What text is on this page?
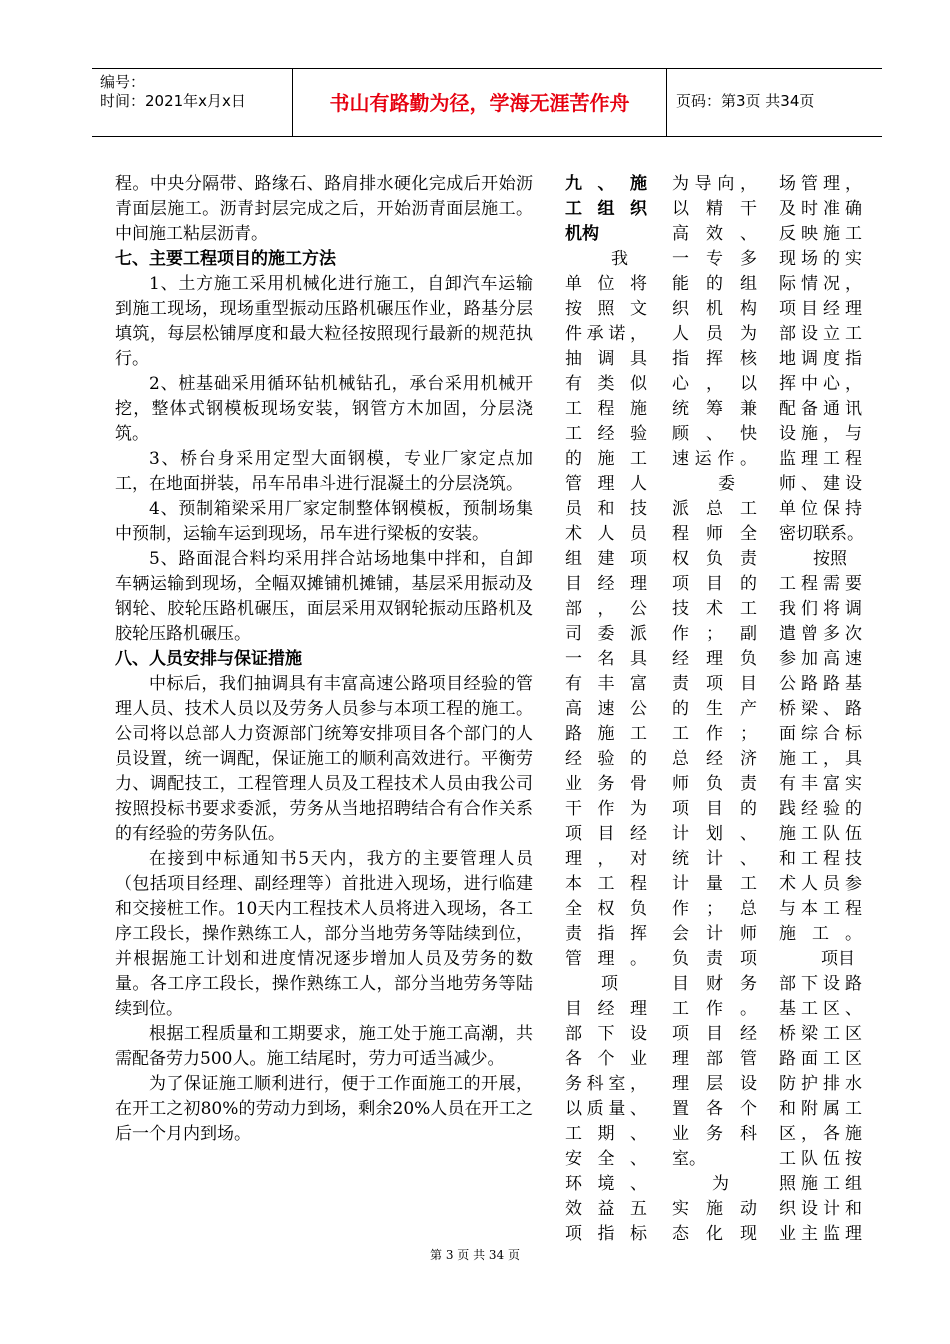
编号：
时间：2021年x月x日	书山有路勤为径，学海无涯苦作舟	页码：第3页 共34页

程。中央分隔带、路缘石、路肩排水硬化完成后开始沥青面层施工。沥青封层完成之后，开始沥青面层施工。中间施工粘层沥青。

七、主要工程项目的施工方法

1、土方施工采用机械化进行施工，自卸汽车运输到施工现场，现场重型振动压路机碾压作业，路基分层填筑，每层松铺厚度和最大粒径按照现行最新的规范执行。

2、桩基础采用循环钻机械钻孔，承台采用机械开挖，整体式钢模板现场安装，钢管方木加固，分层浇筑。

3、桥台身采用定型大面钢模，专业厂家定点加工，在地面拼装，吊车吊串斗进行混凝土的分层浇筑。

4、预制箱梁采用厂家定制整体钢模板，预制场集中预制，运输车运到现场，吊车进行梁板的安装。

5、路面混合料均采用拌合站场地集中拌和，自卸车辆运输到现场，全幅双摊铺机摊铺，基层采用振动及钢轮、胶轮压路机碾压，面层采用双钢轮振动压路机及胶轮压路机碾压。

八、人员安排与保证措施

中标后，我们抽调具有丰富高速公路项目经验的管理人员、技术人员以及劳务人员参与本项工程的施工。公司将以总部人力资源部门统筹安排项目各个部门的人员设置，统一调配，保证施工的顺利高效进行。平衡劳力、调配技工，工程管理人员及工程技术人员由我公司按照投标书要求委派，劳务从当地招聘结合有合作关系的有经验的劳务队伍。

在接到中标通知书5天内，我方的主要管理人员（包括项目经理、副经理等）首批进入现场，进行临建和交接桩工作。10天内工程技术人员将进入现场，各工序工段长，操作熟练工人，部分当地劳务等陆续到位，并根据施工计划和进度情况逐步增加人员及劳务的数量。各工序工段长，操作熟练工人，部分当地劳务等陆续到位。

根据工程质量和工期要求，施工处于施工高潮，共需配备劳力500人。施工结尾时，劳力可适当减少。

为了保证施工顺利进行，便于工作面施工的开展，在开工之初80%的劳动力到场，剩余20%人员在开工之后一个月内到场。

九 、 施
工 组 织
机构
我
单 位 将
按 照 文
件 承 诺 ，
抽 调 具
有 类 似
工 程 施
工 经 验
的 施 工
管 理 人
员 和 技
术 人 员
组 建 项
目 经 理
部 ， 公
司 委 派
一 名 具
有 丰 富
高 速 公
路 施 工
经 验 的
业 务 骨
干 作 为
项 目 经
理 ， 对
本 工 程
全 权 负
责 指 挥
管 理 。
项
目 经 理
部 下 设
各 个 业
务 科 室 ，
以 质 量 、
工 期 、
安 全 、
环 境 、
效 益 五
项 指 标
为 导 向 ，
以 精 干
高 效 、
一 专 多
能 的 组
织 机 构
人 员 为
指 挥 核
心 ， 以
统 筹 兼
顾 、 快
速 运 作 。
委
派 总 工
程 师 全
权 负 责
项 目 的
技 术 工
作 ； 副
经 理 负
责 项 目
的 生 产
工 作 ；
总 经 济
师 负 责
项 目 的
计 划 、
统 计 、
计 量 工
作 ； 总
会 计 师
负 责 项
目 财 务
工 作 。
项 目 经
理 部 管
理 层 设
置 各 个
业 务 科
室。
为
实 施 动
态 化 现
场 管 理 ，
及 时 准 确
反 映 施 工
现 场 的 实
际 情 况 ，
项 目 经 理
部 设 立 工
地 调 度 指
挥 中 心 ，
配 备 通 讯
设 施 ， 与
监 理 工 程
师 、 建 设
单 位 保 持
密切联系。
按照
工 程 需 要
我 们 将 调
遣 曾 多 次
参 加 高 速
公 路 路 基
桥 梁 、 路
面 综 合 标
施 工 ， 具
有 丰 富 实
践 经 验 的
施 工 队 伍
和 工 程 技
术 人 员 参
与 本 工 程
施 工 。
项目
部 下 设 路
基 工 区 、
桥 梁 工 区
路 面 工 区
防 护 排 水
和 附 属 工
区 ， 各 施
工 队 伍 按
照 施 工 组
织 设 计 和
业 主 监 理
第 3 页 共 34 页
